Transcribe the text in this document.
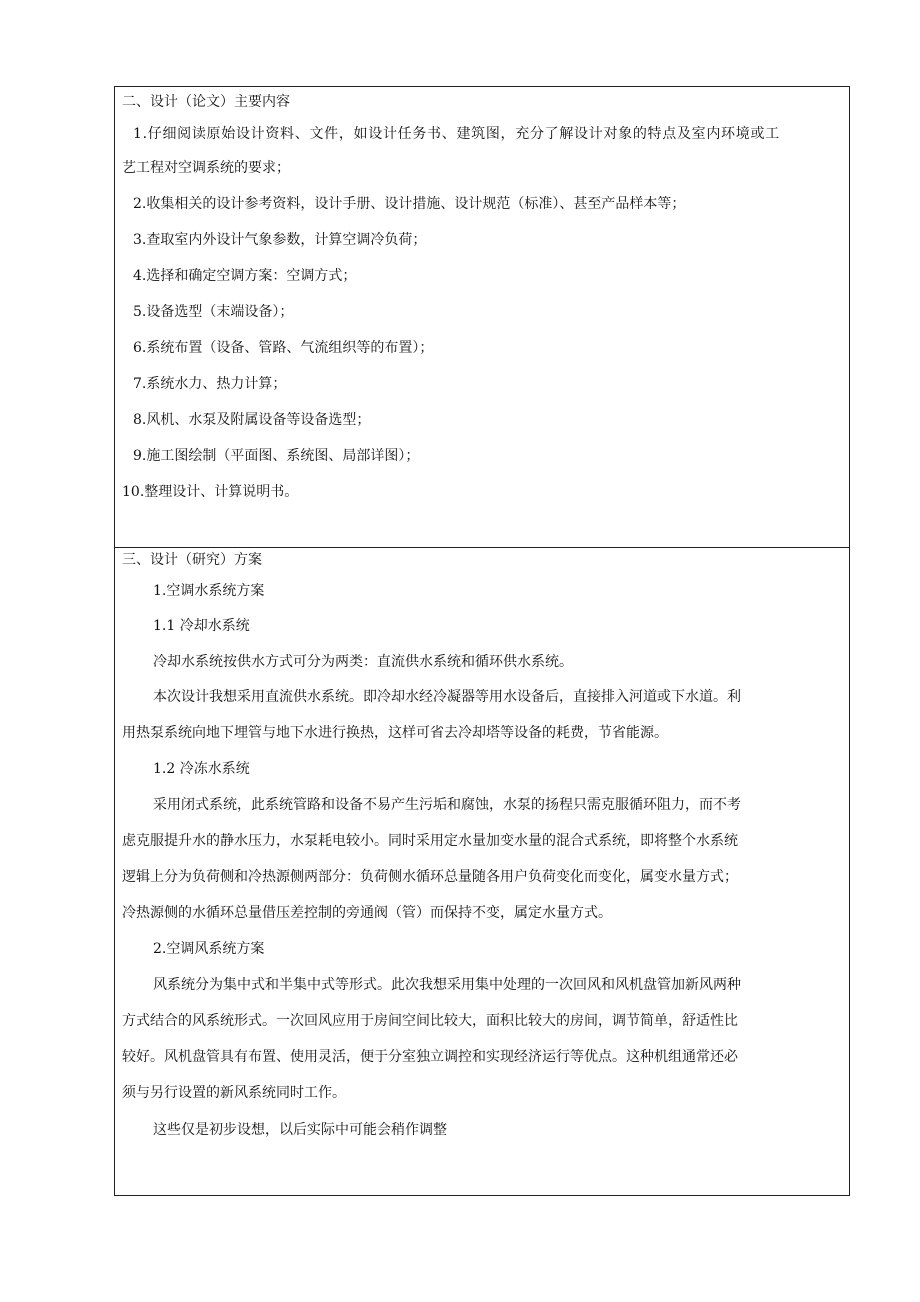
二、设计（论文）主要内容
1.仔细阅读原始设计资料、文件，如设计任务书、建筑图，充分了解设计对象的特点及室内环境或工
艺工程对空调系统的要求；
2.收集相关的设计参考资料，设计手册、设计措施、设计规范（标准）、甚至产品样本等；
3.查取室内外设计气象参数，计算空调冷负荷；
4.选择和确定空调方案：空调方式；
5.设备选型（末端设备）；
6.系统布置（设备、管路、气流组织等的布置）；
7.系统水力、热力计算；
8.风机、水泵及附属设备等设备选型；
9.施工图绘制（平面图、系统图、局部详图）；
10.整理设计、计算说明书。
三、设计（研究）方案
1.空调水系统方案
1.1 冷却水系统
冷却水系统按供水方式可分为两类：直流供水系统和循环供水系统。
本次设计我想采用直流供水系统。即冷却水经冷凝器等用水设备后，直接排入河道或下水道。利
用热泵系统向地下埋管与地下水进行换热，这样可省去冷却塔等设备的耗费，节省能源。
1.2 冷冻水系统
采用闭式系统，此系统管路和设备不易产生污垢和腐蚀，水泵的扬程只需克服循环阻力，而不考
虑克服提升水的静水压力，水泵耗电较小。同时采用定水量加变水量的混合式系统，即将整个水系统
逻辑上分为负荷侧和冷热源侧两部分：负荷侧水循环总量随各用户负荷变化而变化，属变水量方式；
冷热源侧的水循环总量借压差控制的旁通阀（管）而保持不变，属定水量方式。
2.空调风系统方案
风系统分为集中式和半集中式等形式。此次我想采用集中处理的一次回风和风机盘管加新风两种
方式结合的风系统形式。一次回风应用于房间空间比较大，面积比较大的房间，调节简单，舒适性比
较好。风机盘管具有布置、使用灵活，便于分室独立调控和实现经济运行等优点。这种机组通常还必
须与另行设置的新风系统同时工作。
这些仅是初步设想，以后实际中可能会稍作调整
